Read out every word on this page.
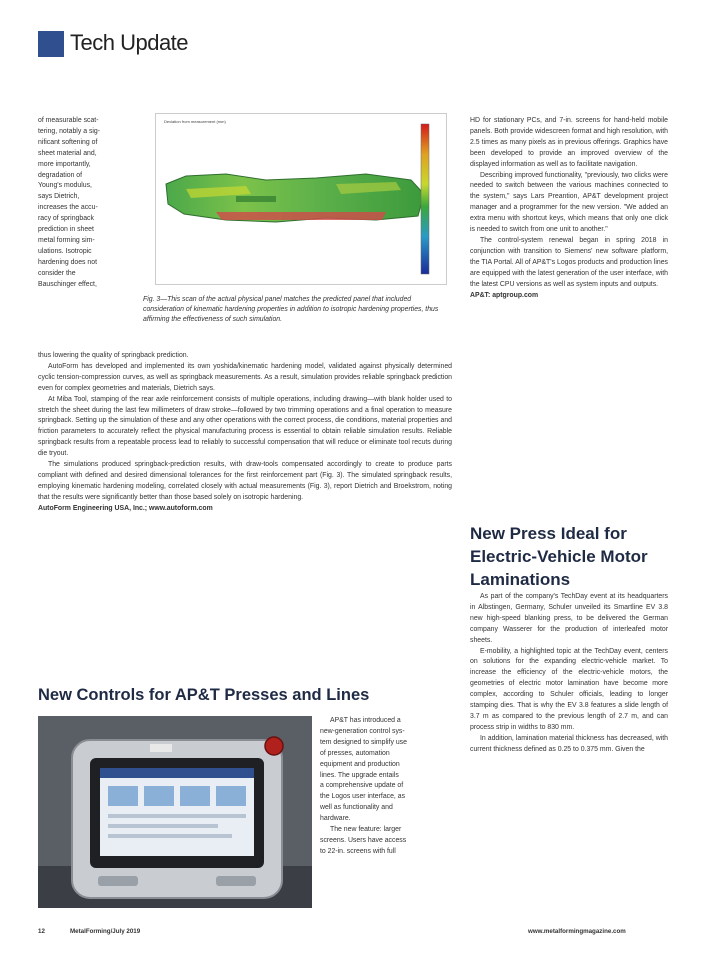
Tech Update
of measurable scat-
tering, notably a sig-
nificant softening of
sheet material and,
more importantly,
degradation of
Young's modulus,
says Dietrich,
increases the accu-
racy of springback
prediction in sheet
metal forming sim-
ulations. Isotropic
hardening does not
consider the
Bauschinger effect,
Deviation from measurement (mm)
Fig. 3—This scan of the actual physical panel matches the predicted panel that included consideration of kinematic hardening properties in addition to isotropic hardening properties, thus affirming the effectiveness of such simulation.

thus lowering the quality of springback prediction.

AutoForm has developed and implemented its own yoshida/kinematic hardening model, validated against physically determined cyclic tension-compression curves, as well as springback measurements. As a result, simulation provides reliable springback prediction even for complex geometries and materials, Dietrich says.

At Miba Tool, stamping of the rear axle reinforcement consists of multiple operations, including drawing—with blank holder used to stretch the sheet during the last few millimeters of draw stroke—followed by two trimming operations and a final operation to measure springback. Setting up the simulation of these and any other operations with the correct process, die conditions, material properties and friction parameters to accurately reflect the physical manufacturing process is essential to obtain reliable simulation results. Reliable springback results from a repeatable process lead to reliably to successful compensation that will reduce or eliminate tool recuts during die tryout.

The simulations produced springback-prediction results, with draw-tools compensated accordingly to create to produce parts compliant with defined and desired dimensional tolerances for the first reinforcement part (Fig. 3). The simulated springback results, employing kinematic hardening modeling, correlated closely with actual measurements (Fig. 3), report Dietrich and Broekstrom, noting that the results were significantly better than those based solely on isotropic hardening.

AutoForm Engineering USA, Inc.; www.autoform.com

New Controls for AP&T Presses and Lines
AP&T has introduced a
new-generation control sys-
tem designed to simplify use
of presses, automation
equipment and production
lines. The upgrade entails
a comprehensive update of
the Logos user interface, as
well as functionality and
hardware.
The new feature: larger
screens. Users have access
to 22-in. screens with full

HD for stationary PCs, and 7-in. screens for hand-held mobile panels. Both provide widescreen format and high resolution, with 2.5 times as many pixels as in previous offerings. Graphics have been developed to provide an improved overview of the displayed information as well as to facilitate navigation.

Describing improved functionality, "previously, two clicks were needed to switch between the various machines connected to the system," says Lars Preantion, AP&T development project manager and a programmer for the new version. "We added an extra menu with shortcut keys, which means that only one click is needed to switch from one unit to another."

The control-system renewal began in spring 2018 in conjunction with transition to Siemens' new software platform, the TIA Portal. All of AP&T's Logos products and production lines are equipped with the latest generation of the user interface, with the latest CPU versions as well as system inputs and outputs.

AP&T: aptgroup.com

New Press Ideal for Electric-Vehicle Motor Laminations

As part of the company's TechDay event at its headquarters in Albstingen, Germany, Schuler unveiled its Smartline EV 3.8 new high-speed blanking press, to be delivered the German company Wasserer for the production of interleafed motor sheets.

E-mobility, a highlighted topic at the TechDay event, centers on solutions for the expanding electric-vehicle market. To increase the efficiency of the electric-vehicle motors, the geometries of electric motor lamination have become more complex, according to Schuler officials, leading to longer stamping dies. That is why the EV 3.8 features a slide length of 3.7 m as compared to the previous length of 2.7 m, and can process strip in widths to 830 mm.

In addition, lamination material thickness has decreased, with current thickness defined as 0.25 to 0.375 mm. Given the

12	MetalForming/July 2019	www.metalformingmagazine.com
